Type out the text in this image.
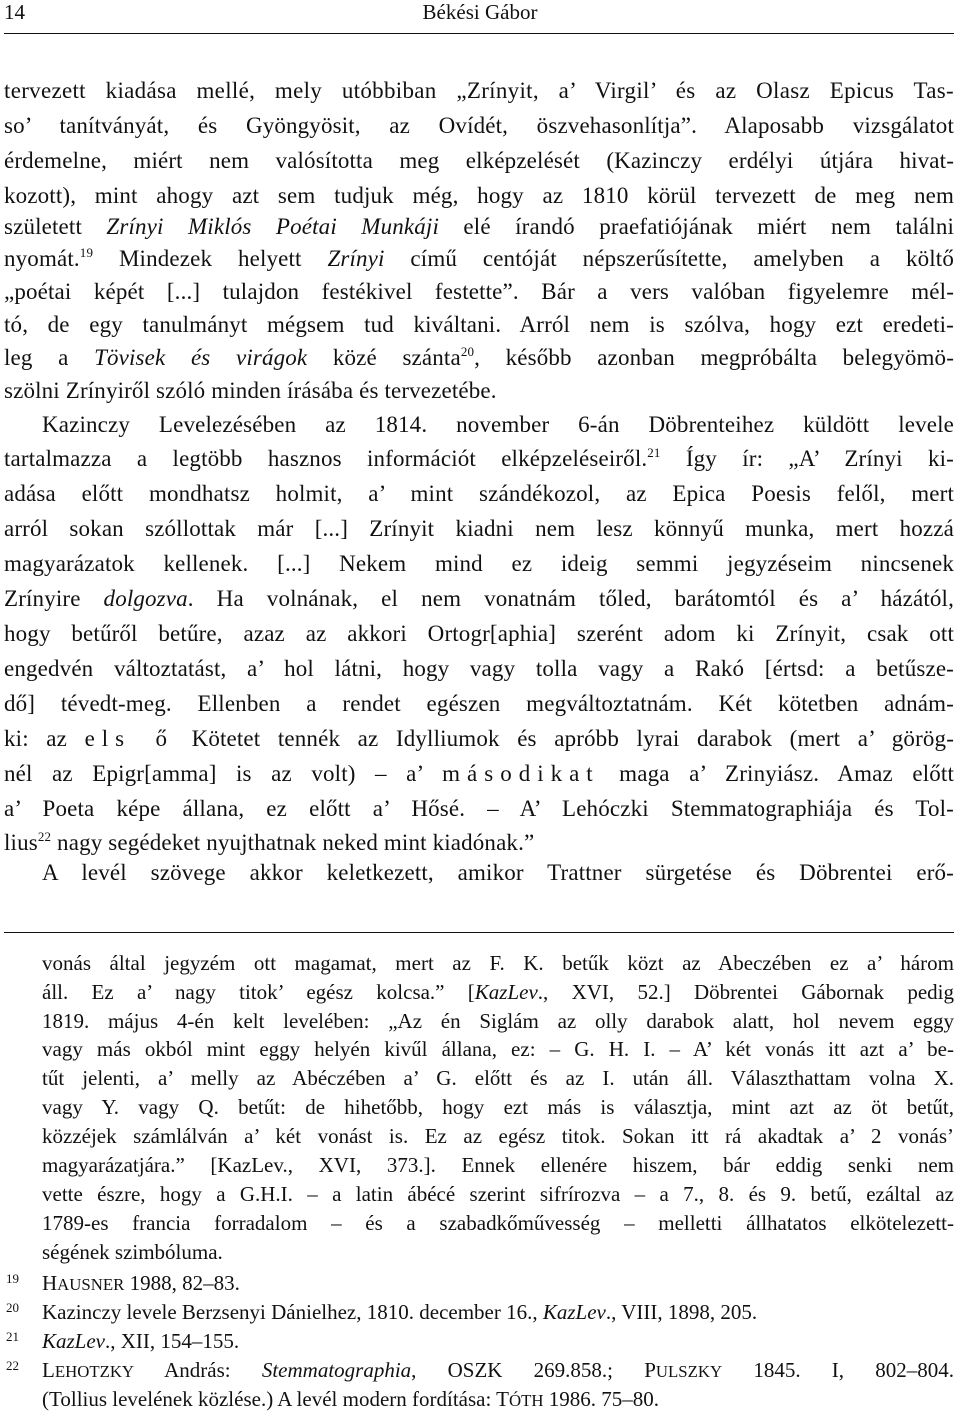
14	Békési Gábor
tervezett kiadása mellé, mely utóbbiban „Zrínyit, a’ Virgil’ és az Olasz Epicus Tas-
so’ tanítványát, és Gyöngyösit, az Ovídét, öszvehasonlítja”. Alaposabb vizsgálatot
érdemelne, miért nem valósította meg elképzelését (Kazinczy erdélyi útjára hivat-
kozott), mint ahogy azt sem tudjuk még, hogy az 1810 körül tervezett de meg nem
született Zrínyi Miklós Poétai Munkáji elé írandó praefatiójának miért nem találni
nyomát.$^{19}$ Mindezek helyett Zrínyi című centóját népszerűsítette, amelyben a költő
„poétai képét [...] tulajdon festékivel festette”. Bár a vers valóban figyelemre mél-
tó, de egy tanulmányt mégsem tud kiváltani. Arról nem is szólva, hogy ezt eredeti-
leg a Tövisek és virágok közé szánta$^{20}$, később azonban megpróbálta belegyömö-
szölni Zrínyiről szóló minden írásába és tervezetébe.
Kazinczy Levelezésében az 1814. november 6-án Döbrenteihez küldött levele
tartalmazza a legtöbb hasznos információt elképzeléseiről.$^{21}$ Így ír: „A’ Zrínyi ki-
adása előtt mondhatsz holmit, a’ mint szándékozol, az Epica Poesis felől, mert
arról sokan szóllottak már [...] Zrínyit kiadni nem lesz könnyű munka, mert hozzá
magyarázatok kellenek. [...] Nekem mind ez ideig semmi jegyzéseim nincsenek
Zrínyire dolgozva. Ha volnának, el nem vonatnám tőled, barátomtól és a’ házától,
hogy betűről betűre, azaz az akkori Ortogr[aphia] szerént adom ki Zrínyit, csak ott
engedvén változtatást, a’ hol látni, hogy vagy tolla vagy a Rakó [értsd: a betűsze-
dő] tévedt-meg. Ellenben a rendet egészen megváltoztatnám. Két kötetben adnám-
ki: az els ő Kötetet tennék az Idylliumok és apróbb lyrai darabok (mert a’ görög-
nél az Epigr[amma] is az volt) – a’ másodikat maga a’ Zrinyiász. Amaz előtt
a’ Poeta képe állana, ez előtt a’ Hősé. – A’ Lehóczki Stemmatographiája és Tol-
lius$^{22}$ nagy segédeket nyujthatnak neked mint kiadónak.”
A levél szövege akkor keletkezett, amikor Trattner sürgetése és Döbrentei erő-
vonás által jegyzém ott magamat, mert az F. K. betűk közt az Abeczében ez a’ három
áll. Ez a’ nagy titok’ egész kolcsa.” [KazLev., XVI, 52.] Döbrentei Gábornak pedig
1819. május 4-én kelt levelében: „Az én Siglám az olly darabok alatt, hol nevem eggy
vagy más okból mint eggy helyén kivűl állana, ez: – G. H. I. – A’ két vonás itt azt a’ be-
tűt jelenti, a’ melly az Abéczében a’ G. előtt és az I. után áll. Választhattam volna X.
vagy Y. vagy Q. betűt: de hihetőbb, hogy ezt más is választja, mint azt az öt betűt,
közzéjek számlálván a’ két vonást is. Ez az egész titok. Sokan itt rá akadtak a’ 2 vonás’
magyarázatjára.” [KazLev., XVI, 373.]. Ennek ellenére hiszem, bár eddig senki nem
vette észre, hogy a G.H.I. – a latin ábécé szerint sifrírozva – a 7., 8. és 9. betű, ezáltal az
1789-es francia forradalom – és a szabadkőművesség – melletti állhatatos elkötelezett-
ségének szimbóluma.
19 HAUSNER 1988, 82–83.
20 Kazinczy levele Berzsenyi Dánielhez, 1810. december 16., KazLev., VIII, 1898, 205.
21 KazLev., XII, 154–155.
22 LEHOTZKY András: Stemmatographia, OSZK 269.858.; PULSZKY 1845. I, 802–804.
(Tollius levelének közlése.) A levél modern fordítása: TÓTH 1986. 75–80.
